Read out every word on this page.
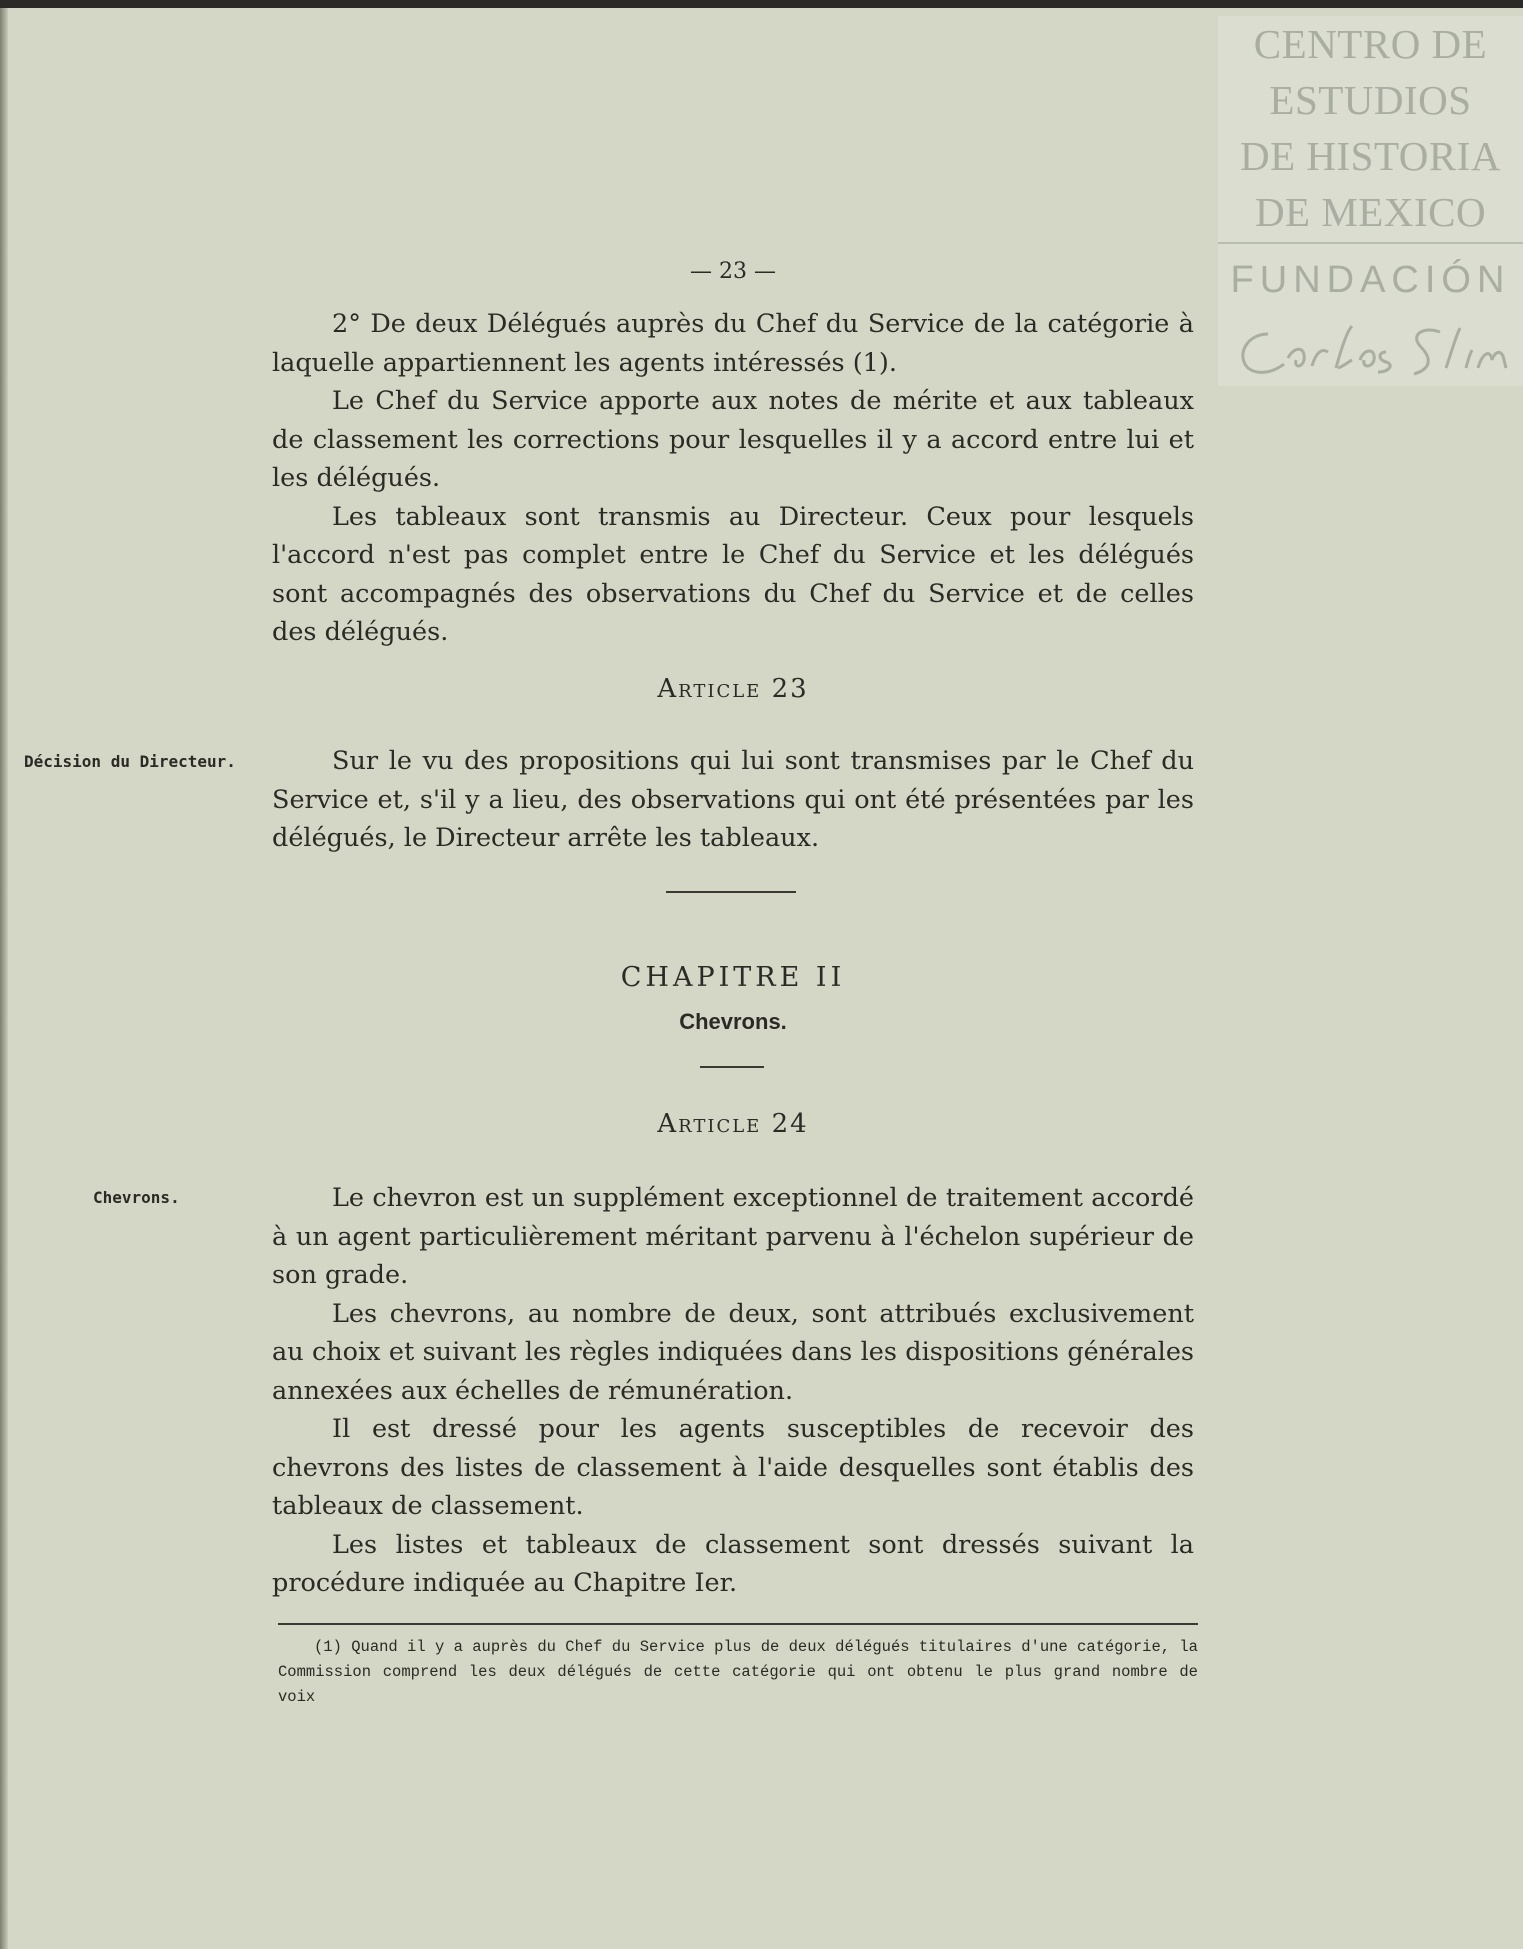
CENTRO DE
ESTUDIOS
DE HISTORIA
DE MEXICO
FUNDACIÓN
— 23 —

2° De deux Délégués auprès du Chef du Service de la catégorie à laquelle appartiennent les agents intéressés (1).

Le Chef du Service apporte aux notes de mérite et aux tableaux de classement les corrections pour lesquelles il y a accord entre lui et les délégués.

Les tableaux sont transmis au Directeur. Ceux pour lesquels l'accord n'est pas complet entre le Chef du Service et les délégués sont accompagnés des observations du Chef du Service et de celles des délégués.

Article 23
Décision du Directeur.	Sur le vu des propositions qui lui sont transmises par le Chef du Service et, s'il y a lieu, des observations qui ont été présentées par les délégués, le Directeur arrête les tableaux.

CHAPITRE II
Chevrons.
Article 24
Chevrons.	Le chevron est un supplément exceptionnel de traitement accordé à un agent particulièrement méritant parvenu à l'échelon supérieur de son grade.

Les chevrons, au nombre de deux, sont attribués exclusivement au choix et suivant les règles indiquées dans les dispositions générales annexées aux échelles de rémunération.

Il est dressé pour les agents susceptibles de recevoir des chevrons des listes de classement à l'aide desquelles sont établis des tableaux de classement.

Les listes et tableaux de classement sont dressés suivant la procédure indiquée au Chapitre Ier.

(1) Quand il y a auprès du Chef du Service plus de deux délégués titulaires d'une catégorie, la Commission comprend les deux délégués de cette catégorie qui ont obtenu le plus grand nombre de voix
